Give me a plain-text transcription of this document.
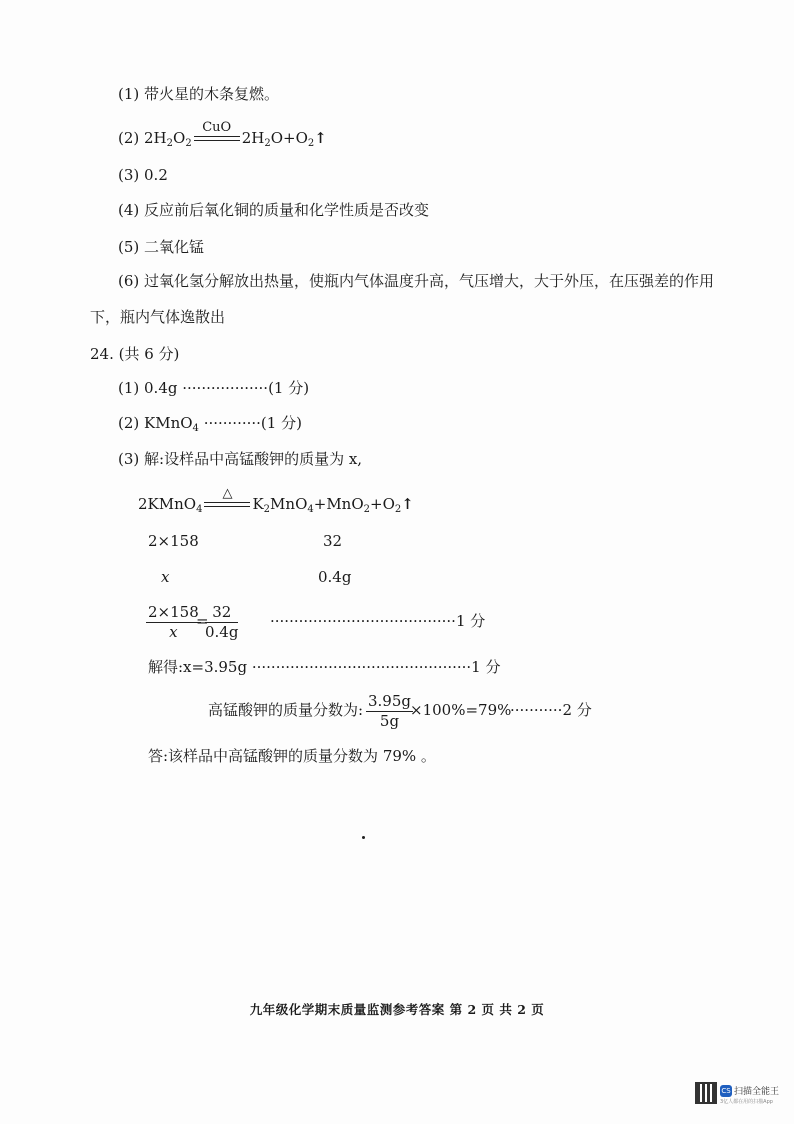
(1) 带火星的木条复燃。
(2) $2H_2O_2$
CuO
$2H_2O+O_2↑$
(3) 0.2
(4) 反应前后氧化铜的质量和化学性质是否改变
(5) 二氧化锰
(6) 过氧化氢分解放出热量，使瓶内气体温度升高，气压增大，大于外压，在压强差的作用
下，瓶内气体逸散出
24. (共 6 分)
(1) 0.4g ··················(1 分)
(2) KMnO$_4$ ············(1 分)
(3) 解:设样品中高锰酸钾的质量为 x,
2KMnO$_4$
△
$K_2MnO_4+MnO_2+O_2↑$
2×158	32
x	0.4g
$\frac{2\times 158}{x}$
=
$\frac{32}{0.4g} \cdot\cdot\cdot\cdot\cdot\cdot\cdot\cdot\cdot\cdot\cdot\cdot\cdot\cdot\cdot\cdot\cdot\cdot\cdot\cdot\cdot\cdot\cdot\cdot\cdot\cdot\cdot\cdot\cdot\cdot\cdot\cdot\cdot\cdot\cdot\cdot\cdot\cdot\cdot 1$ 分
解得:x=3.95g ··············································1 分
高锰酸钾的质量分数为: $\frac{3.95g}{5g}$
×100%=79%
···········2 分
答:该样品中高锰酸钾的质量分数为 79% 。
九年级化学期末质量监测参考答案 第 2 页 共 2 页
CS 扫描全能王
3亿人都在用的扫描App
